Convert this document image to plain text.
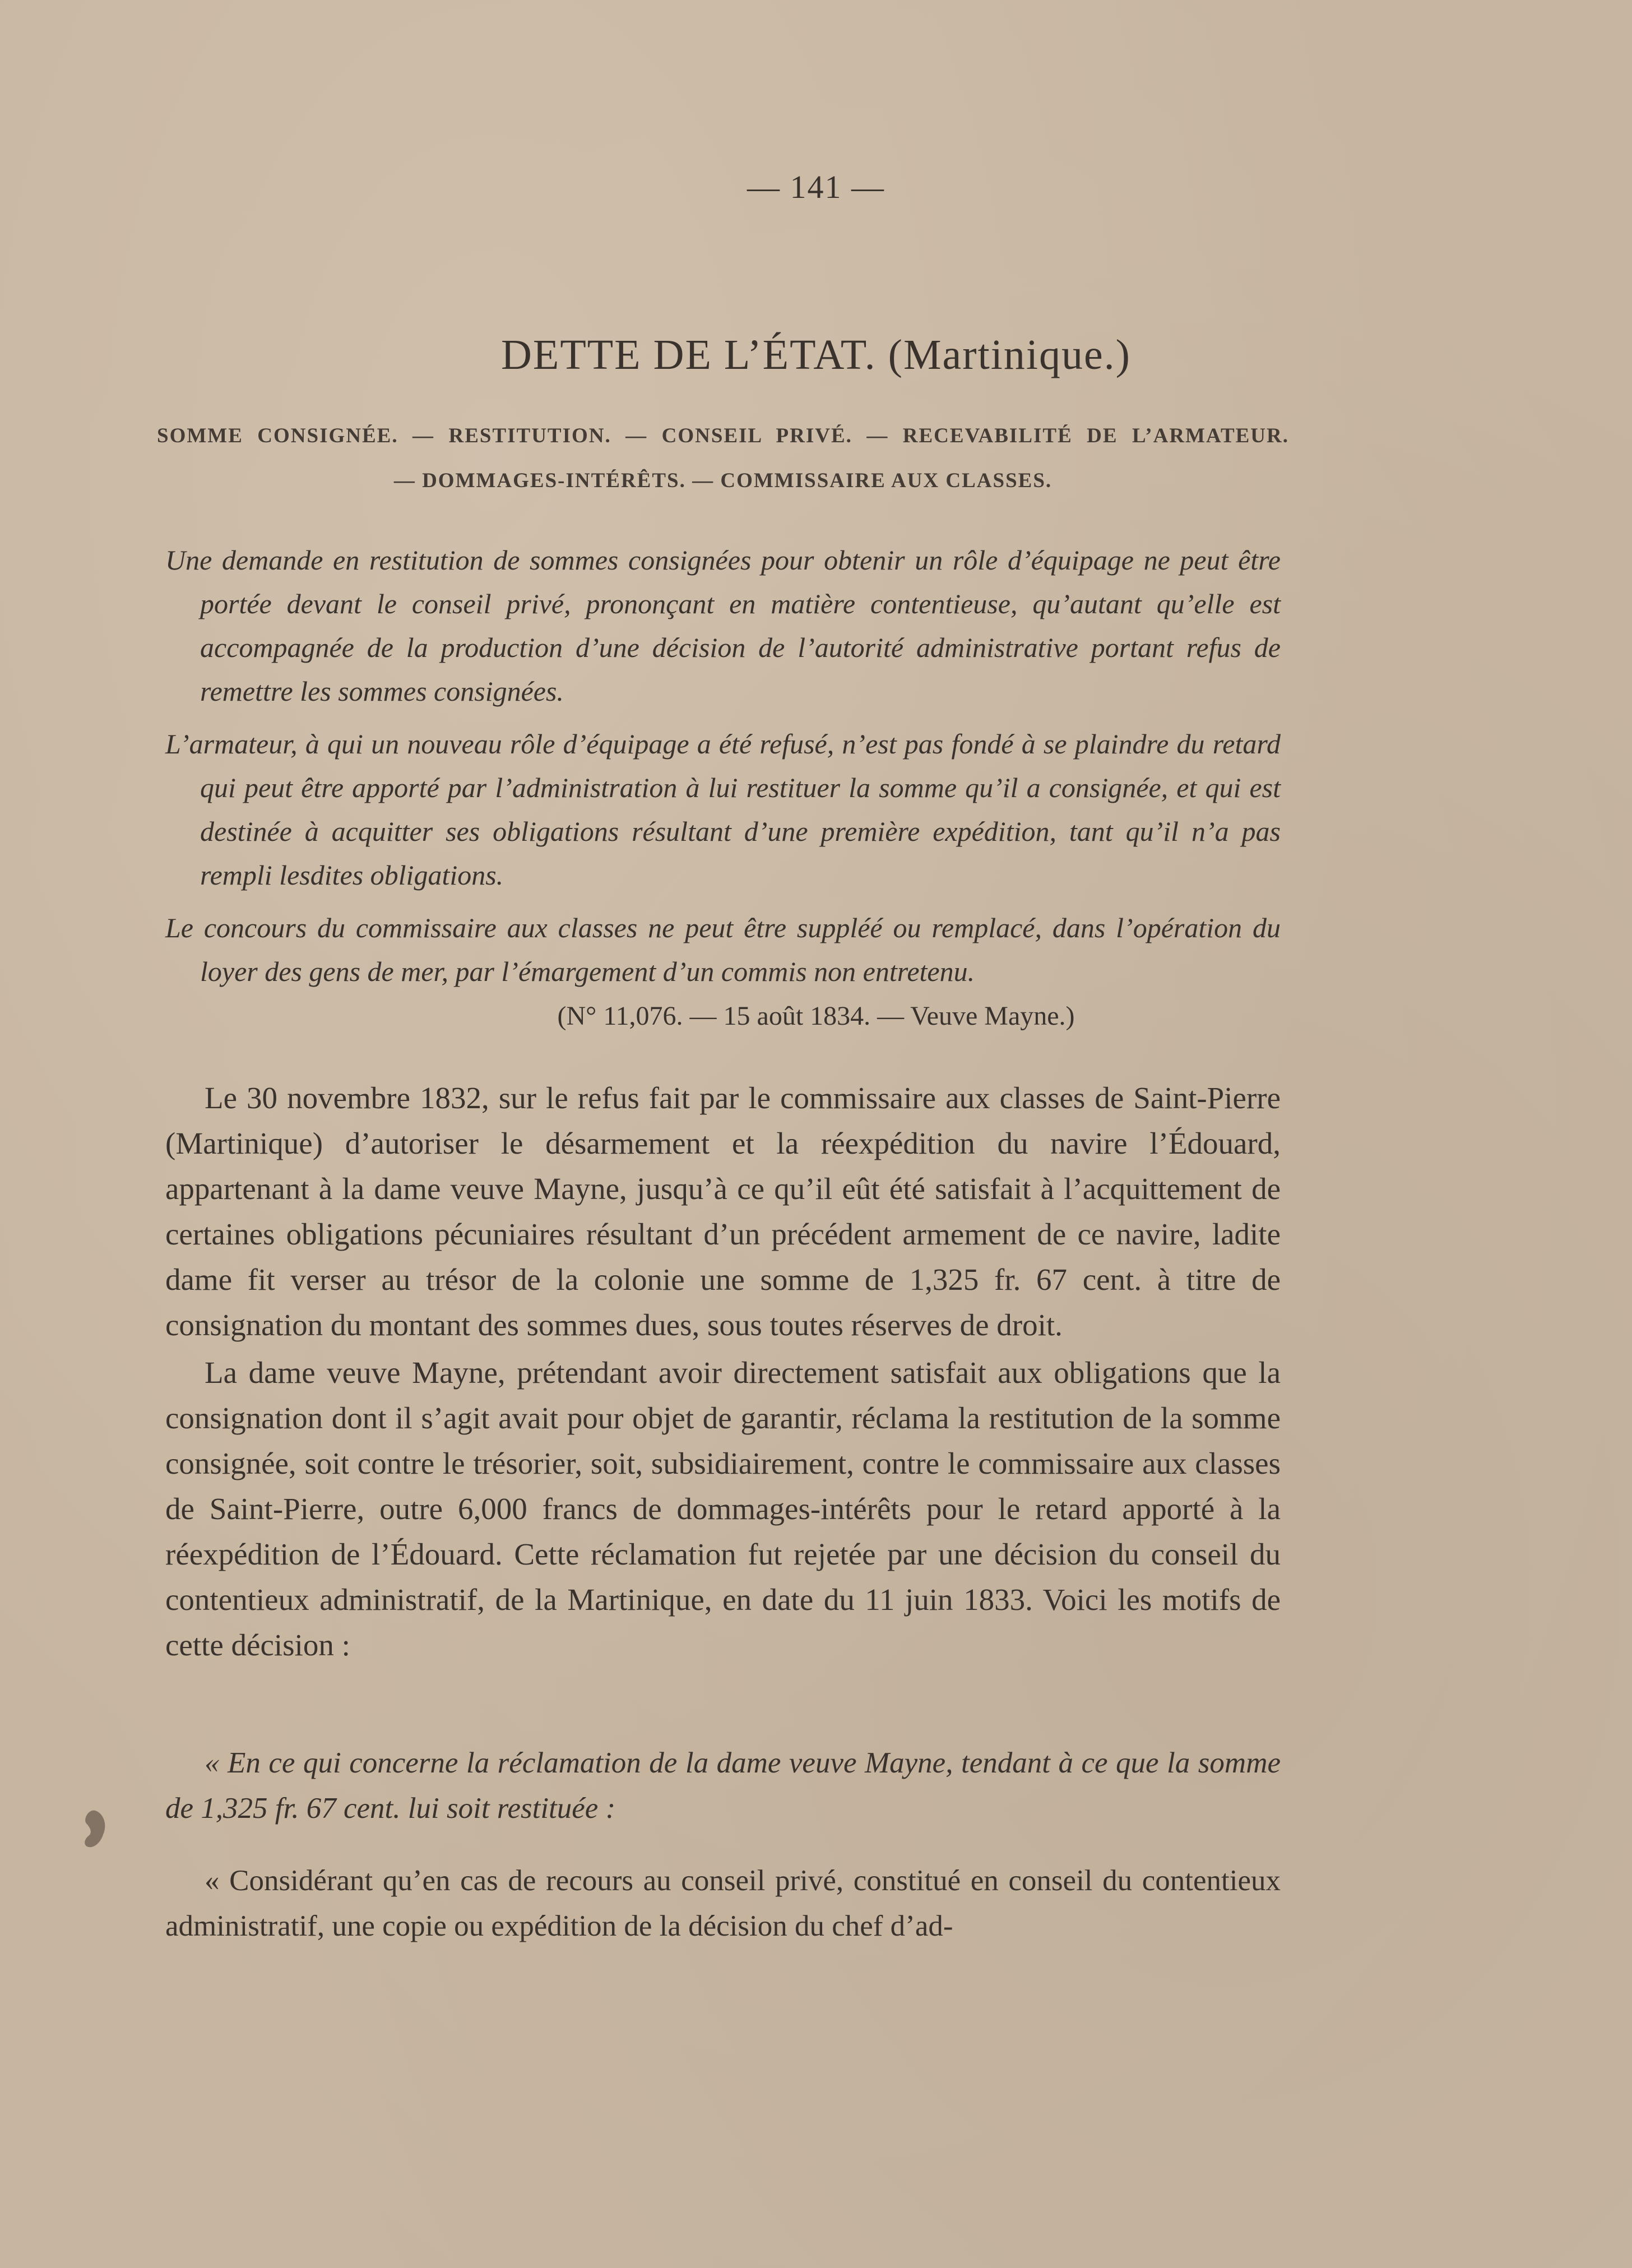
— 141 —
DETTE DE L’ÉTAT. (Martinique.)
SOMME CONSIGNÉE. — RESTITUTION. — CONSEIL PRIVÉ. — RECEVABILITÉ DE L’ARMATEUR.
— DOMMAGES-INTÉRÊTS. — COMMISSAIRE AUX CLASSES.

Une demande en restitution de sommes consignées pour obtenir un rôle d’équipage ne peut être portée devant le conseil privé, prononçant en matière contentieuse, qu’autant qu’elle est accompagnée de la production d’une décision de l’autorité administrative portant refus de remettre les sommes consignées.

L’armateur, à qui un nouveau rôle d’équipage a été refusé, n’est pas fondé à se plaindre du retard qui peut être apporté par l’administration à lui restituer la somme qu’il a consignée, et qui est destinée à acquitter ses obligations résultant d’une première expédition, tant qu’il n’a pas rempli lesdites obligations.

Le concours du commissaire aux classes ne peut être suppléé ou remplacé, dans l’opération du loyer des gens de mer, par l’émargement d’un commis non entretenu.

(N° 11,076. — 15 août 1834. — Veuve Mayne.)

Le 30 novembre 1832, sur le refus fait par le commissaire aux classes de Saint-Pierre (Martinique) d’autoriser le désarmement et la réexpédition du navire l’Édouard, appartenant à la dame veuve Mayne, jusqu’à ce qu’il eût été satisfait à l’acquittement de certaines obligations pécuniaires résultant d’un précédent armement de ce navire, ladite dame fit verser au trésor de la colonie une somme de 1,325 fr. 67 cent. à titre de consignation du montant des sommes dues, sous toutes réserves de droit.

La dame veuve Mayne, prétendant avoir directement satisfait aux obligations que la consignation dont il s’agit avait pour objet de garantir, réclama la restitution de la somme consignée, soit contre le trésorier, soit, subsidiairement, contre le commissaire aux classes de Saint-Pierre, outre 6,000 francs de dommages-intérêts pour le retard apporté à la réexpédition de l’Édouard. Cette réclamation fut rejetée par une décision du conseil du contentieux administratif, de la Martinique, en date du 11 juin 1833. Voici les motifs de cette décision :

« En ce qui concerne la réclamation de la dame veuve Mayne, tendant à ce que la somme de 1,325 fr. 67 cent. lui soit restituée :
« Considérant qu’en cas de recours au conseil privé, constitué en conseil du contentieux administratif, une copie ou expédition de la décision du chef d’ad-
